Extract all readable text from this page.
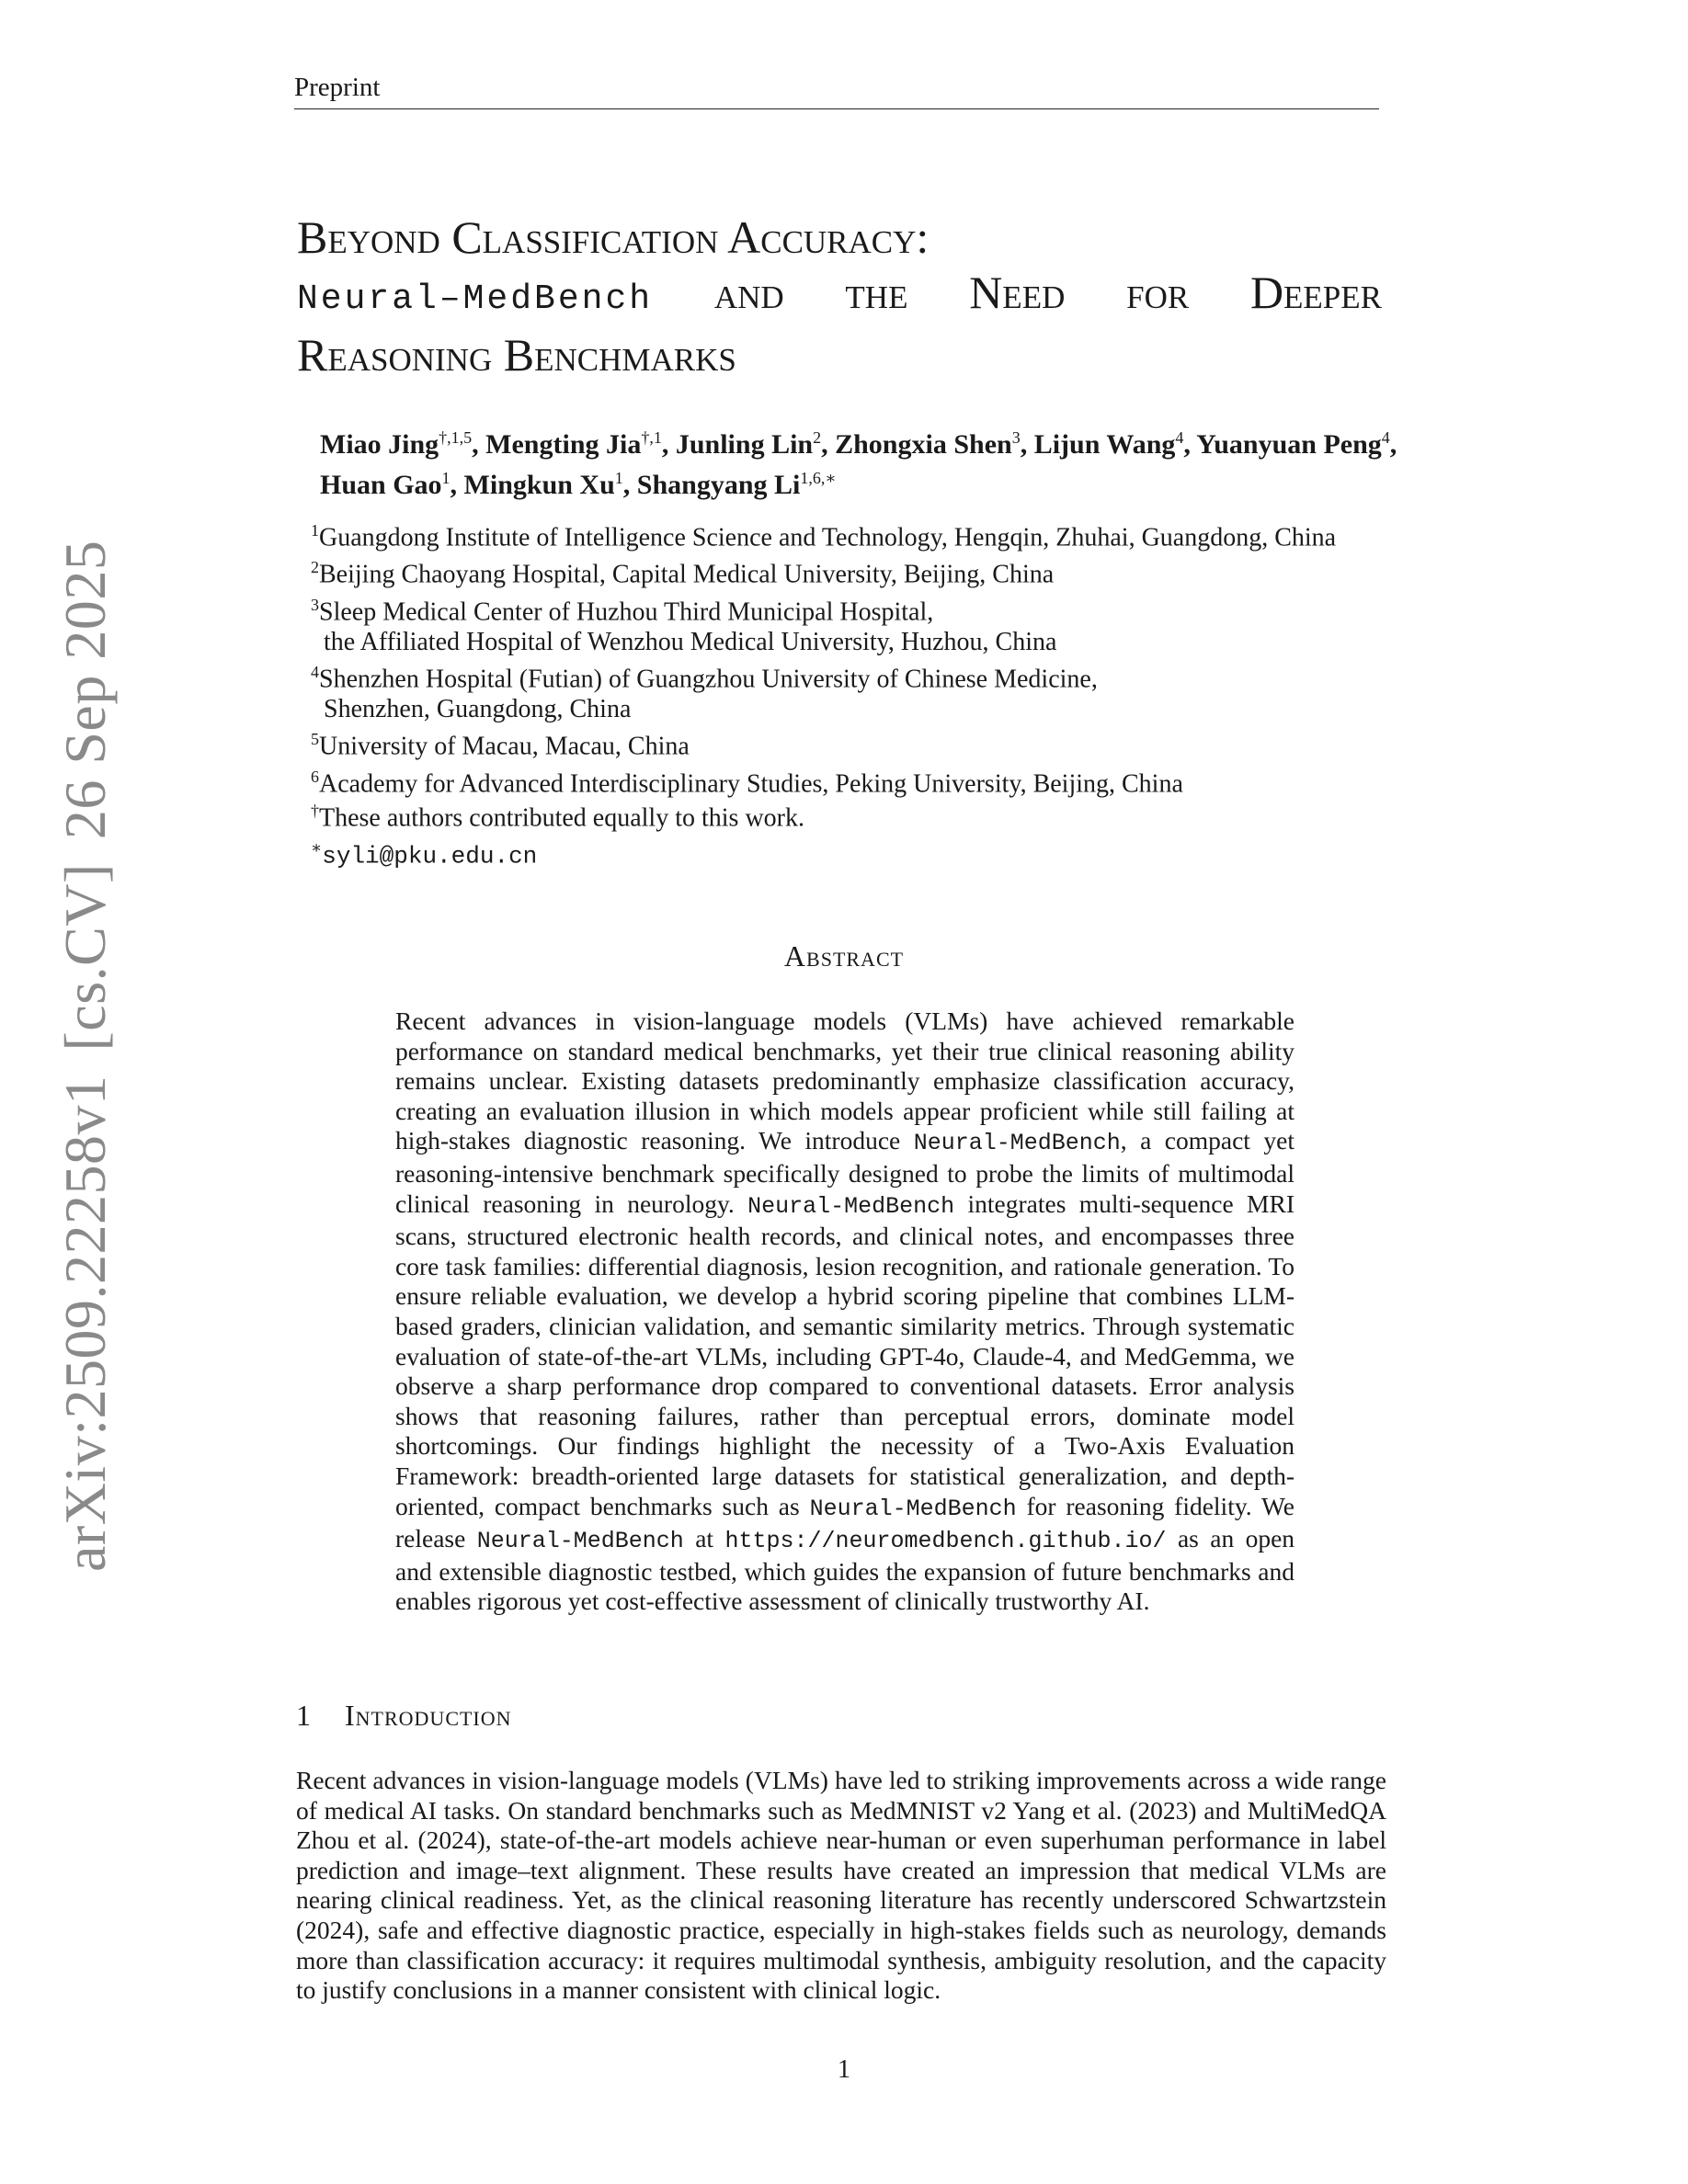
Preprint
arXiv:2509.22258v1[cs.CV]26 Sep 2025
Beyond Classification Accuracy:

Neural–MedBench and the Need for Deeper
Reasoning Benchmarks
Miao Jing$^{\dagger,1,5}$, Mengting Jia$^{\dagger,1}$, Junling Lin$^2$, Zhongxia Shen$^3$, Lijun Wang$^4$, Yuanyuan Peng$^4$,
Huan Gao$^1$, Mingkun Xu$^1$, Shangyang $Li^{1,6,∗}$
$^1$Guangdong Institute of Intelligence Science and Technology, Hengqin, Zhuhai, Guangdong, China
$^2$Beijing Chaoyang Hospital, Capital Medical University, Beijing, China
$^3$Sleep Medical Center of Huzhou Third Municipal Hospital,
the Affiliated Hospital of Wenzhou Medical University, Huzhou, China
$^4$Shenzhen Hospital (Futian) of Guangzhou University of Chinese Medicine,
Shenzhen, Guangdong, China
$^5$University of Macau, Macau, China
$^6$Academy for Advanced Interdisciplinary Studies, Peking University, Beijing, China
†These authors contributed equally to this work.
∗syli@pku.edu.cn
Abstract
Recent advances in vision-language models (VLMs) have achieved remarkable performance on standard medical benchmarks, yet their true clinical reasoning ability remains unclear. Existing datasets predominantly emphasize classification accuracy, creating an evaluation illusion in which models appear proficient while still failing at high-stakes diagnostic reasoning. We introduce Neural-MedBench, a compact yet reasoning-intensive benchmark specifically designed to probe the limits of multimodal clinical reasoning in neurology. Neural-MedBench integrates multi-sequence MRI scans, structured electronic health records, and clinical notes, and encompasses three core task families: differential diagnosis, lesion recognition, and rationale generation. To ensure reliable evaluation, we develop a hybrid scoring pipeline that combines LLM-based graders, clinician validation, and semantic similarity metrics. Through systematic evaluation of state-of-the-art VLMs, including GPT-4o, Claude-4, and MedGemma, we observe a sharp performance drop compared to conventional datasets. Error analysis shows that reasoning failures, rather than perceptual errors, dominate model shortcomings. Our findings highlight the necessity of a Two-Axis Evaluation Framework: breadth-oriented large datasets for statistical generalization, and depth-oriented, compact benchmarks such as Neural-MedBench for reasoning fidelity. We release Neural-MedBench at https://neuromedbench.github.io/ as an open and extensible diagnostic testbed, which guides the expansion of future benchmarks and enables rigorous yet cost-effective assessment of clinically trustworthy AI.
1 Introduction
Recent advances in vision-language models (VLMs) have led to striking improvements across a wide range of medical AI tasks. On standard benchmarks such as MedMNIST v2 Yang et al. (2023) and MultiMedQA Zhou et al. (2024), state-of-the-art models achieve near-human or even superhuman performance in label prediction and image–text alignment. These results have created an impression that medical VLMs are nearing clinical readiness. Yet, as the clinical reasoning literature has recently underscored Schwartzstein (2024), safe and effective diagnostic practice, especially in high-stakes fields such as neurology, demands more than classification accuracy: it requires multimodal synthesis, ambiguity resolution, and the capacity to justify conclusions in a manner consistent with clinical logic.
1
